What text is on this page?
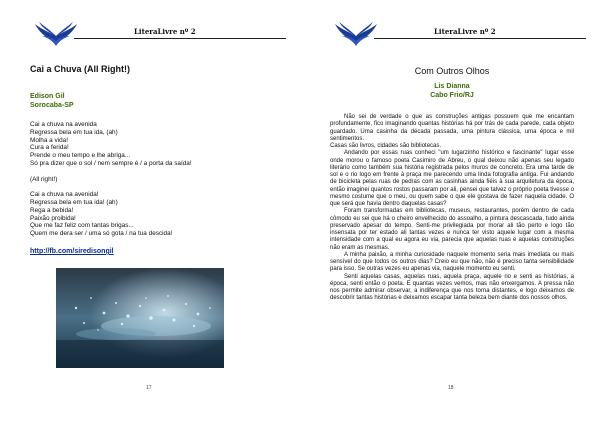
LiteraLivre nº 2
Cai a Chuva (All Right!)
Edison Gil
Sorocaba-SP
Cai a chuva na avenida
Regressa bela em tua ida, (ah)
Molha a vida!
Cura a ferida!
Prende o meu tempo e lhe abriga...
Só pra dizer que o sol / nem sempre é / a porta da saída!

(All right!)

Cai a chuva na avenida!
Regressa bela em tua ida! (ah)
Rega a bebida!
Paixão proibida!
Que me faz feliz com tantas brigas...
Quem me dera ser / uma só gota / na tua descida!
http://fb.com/siredisongil
17
LiteraLivre nº 2
Com Outros Olhos
Lis Dianna
Cabo Frio/RJ

Não sei de verdade o que as construções antigas possuem que me encantam profundamente, fico imaginando quantas histórias há por trás de cada parede, cada objeto guardado. Uma casinha da década passada, uma pintura clássica, uma época e mil sentimentos.

Casas são livros, cidades são bibliotecas.

Andando por essas ruas conheci "um lugarzinho histórico e fascinante" lugar esse onde morou o famoso poeta Casimiro de Abreu, o qual deixou não apenas seu legado literário como também sua história registrada pelos muros de concreto. Era uma tarde de sol e o rio logo em frente à praça me parecendo uma linda fotografia antiga. Fui andando de bicicleta pelas ruas de pedras com as casinhas ainda fiéis à sua arquitetura da época, então imaginei quantos rostos passaram por ali, pensei que talvez o próprio poeta tivesse o mesmo costume que o meu, ou quem sabe o que ele gostava de fazer naquela cidade. O que será que havia dentro daquelas casas?

Foram transformadas em bibliotecas, museus, restaurantes, porém dentro de cada cômodo eu sei que há o cheiro envelhecido do assoalho, a pintura descascada, tudo ainda preservado apesar do tempo. Senti-me privilegiada por morar ali tão perto e logo tão insensata por ter estado ali tantas vezes e nunca ter visto aquele lugar com a mesma intensidade com a qual eu agora eu via, parecia que aquelas ruas e aquelas construções não eram as mesmas.

A minha paixão, a minha curiosidade naquele momento seria mais imediata ou mais sensível do que todos os outros dias? Creio eu que não, não é preciso tanta sensibilidade para isso. Se outras vezes eu apenas via, naquele momento eu senti.

Senti aquelas casas, aquelas ruas, aquela praça, aquele rio e senti as histórias, a época, senti então o poeta. E quantas vezes vemos, mas não enxergamos. A pressa não nos permite admirar observar, a indiferença que nos torna distantes, e logo deixamos de descobrir tantas histórias e deixamos escapar tanta beleza bem diante dos nossos olhos.

18
